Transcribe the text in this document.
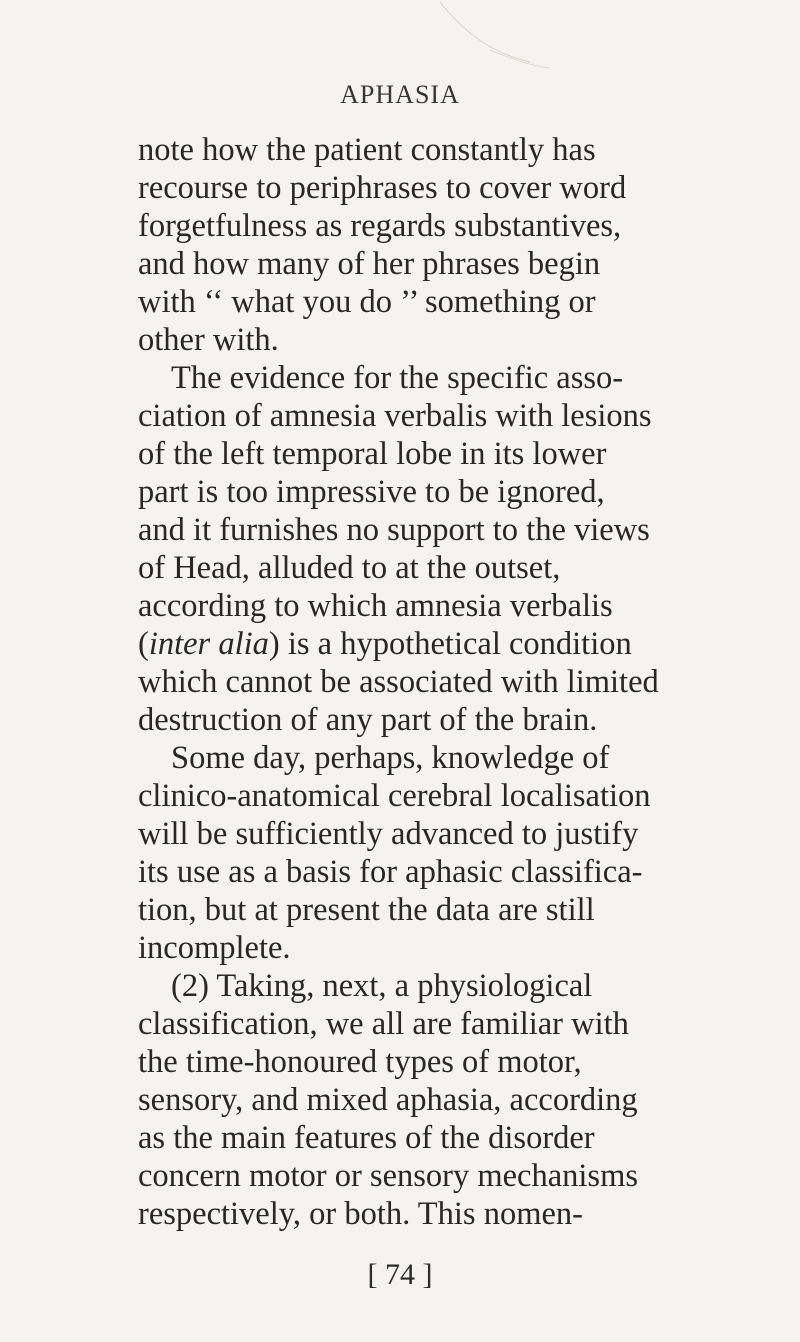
APHASIA
note how the patient constantly has
recourse to periphrases to cover word
forgetfulness as regards substantives,
and how many of her phrases begin
with ‘‘ what you do ’’ something or
other with.
The evidence for the specific asso-
ciation of amnesia verbalis with lesions
of the left temporal lobe in its lower
part is too impressive to be ignored,
and it furnishes no support to the views
of Head, alluded to at the outset,
according to which amnesia verbalis
(inter alia) is a hypothetical condition
which cannot be associated with limited
destruction of any part of the brain.
Some day, perhaps, knowledge of
clinico-anatomical cerebral localisation
will be sufficiently advanced to justify
its use as a basis for aphasic classifica-
tion, but at present the data are still
incomplete.
(2) Taking, next, a physiological
classification, we all are familiar with
the time-honoured types of motor,
sensory, and mixed aphasia, according
as the main features of the disorder
concern motor or sensory mechanisms
respectively, or both. This nomen-
[ 74 ]
